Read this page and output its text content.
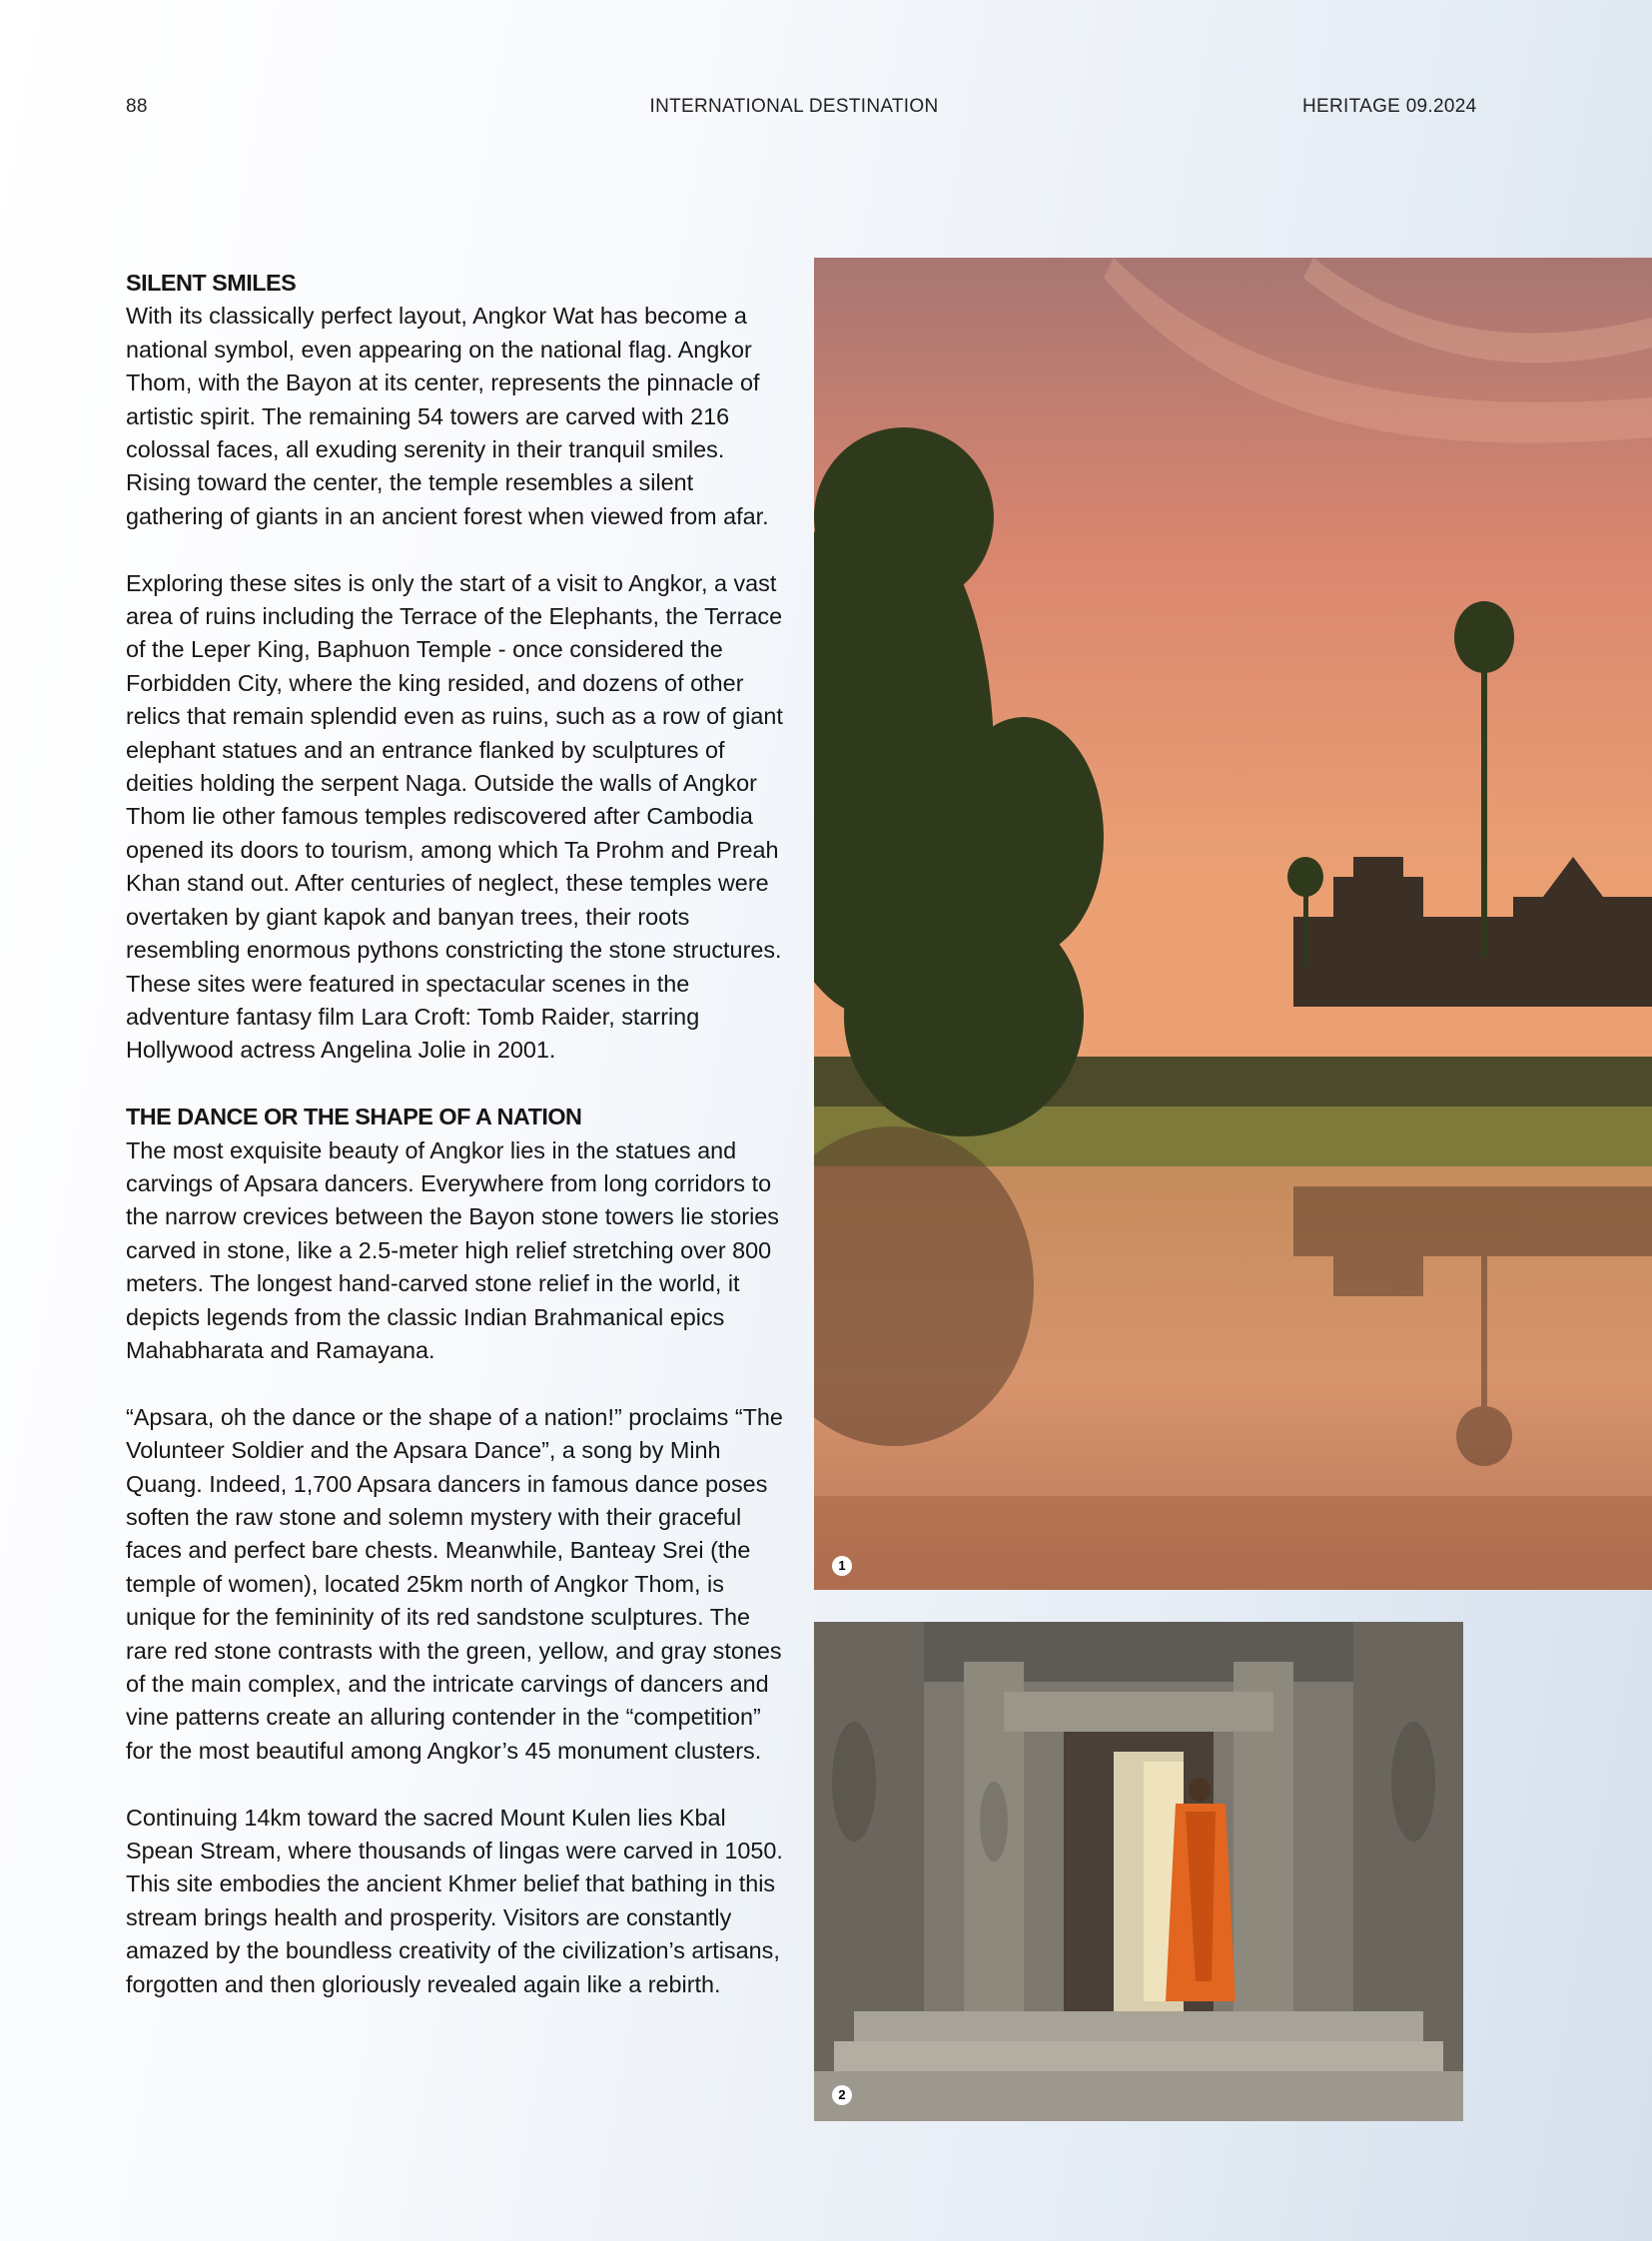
88	INTERNATIONAL DESTINATION	HERITAGE 09.2024
SILENT SMILES

With its classically perfect layout, Angkor Wat has become a national symbol, even appearing on the national flag. Angkor Thom, with the Bayon at its center, represents the pinnacle of artistic spirit. The remaining 54 towers are carved with 216 colossal faces, all exuding serenity in their tranquil smiles. Rising toward the center, the temple resembles a silent gathering of giants in an ancient forest when viewed from afar.

Exploring these sites is only the start of a visit to Angkor, a vast area of ruins including the Terrace of the Elephants, the Terrace of the Leper King, Baphuon Temple - once considered the Forbidden City, where the king resided, and dozens of other relics that remain splendid even as ruins, such as a row of giant elephant statues and an entrance flanked by sculptures of deities holding the serpent Naga. Outside the walls of Angkor Thom lie other famous temples rediscovered after Cambodia opened its doors to tourism, among which Ta Prohm and Preah Khan stand out. After centuries of neglect, these temples were overtaken by giant kapok and banyan trees, their roots resembling enormous pythons constricting the stone structures. These sites were featured in spectacular scenes in the adventure fantasy film Lara Croft: Tomb Raider, starring Hollywood actress Angelina Jolie in 2001.

THE DANCE OR THE SHAPE OF A NATION

The most exquisite beauty of Angkor lies in the statues and carvings of Apsara dancers. Everywhere from long corridors to the narrow crevices between the Bayon stone towers lie stories carved in stone, like a 2.5-meter high relief stretching over 800 meters. The longest hand-carved stone relief in the world, it depicts legends from the classic Indian Brahmanical epics Mahabharata and Ramayana.

“Apsara, oh the dance or the shape of a nation!” proclaims “The Volunteer Soldier and the Apsara Dance”, a song by Minh Quang. Indeed, 1,700 Apsara dancers in famous dance poses soften the raw stone and solemn mystery with their graceful faces and perfect bare chests. Meanwhile, Banteay Srei (the temple of women), located 25km north of Angkor Thom, is unique for the femininity of its red sandstone sculptures. The rare red stone contrasts with the green, yellow, and gray stones of the main complex, and the intricate carvings of dancers and vine patterns create an alluring contender in the “competition” for the most beautiful among Angkor’s 45 monument clusters.

Continuing 14km toward the sacred Mount Kulen lies Kbal Spean Stream, where thousands of lingas were carved in 1050. This site embodies the ancient Khmer belief that bathing in this stream brings health and prosperity. Visitors are constantly amazed by the boundless creativity of the civilization’s artisans, forgotten and then gloriously revealed again like a rebirth.

1
2
